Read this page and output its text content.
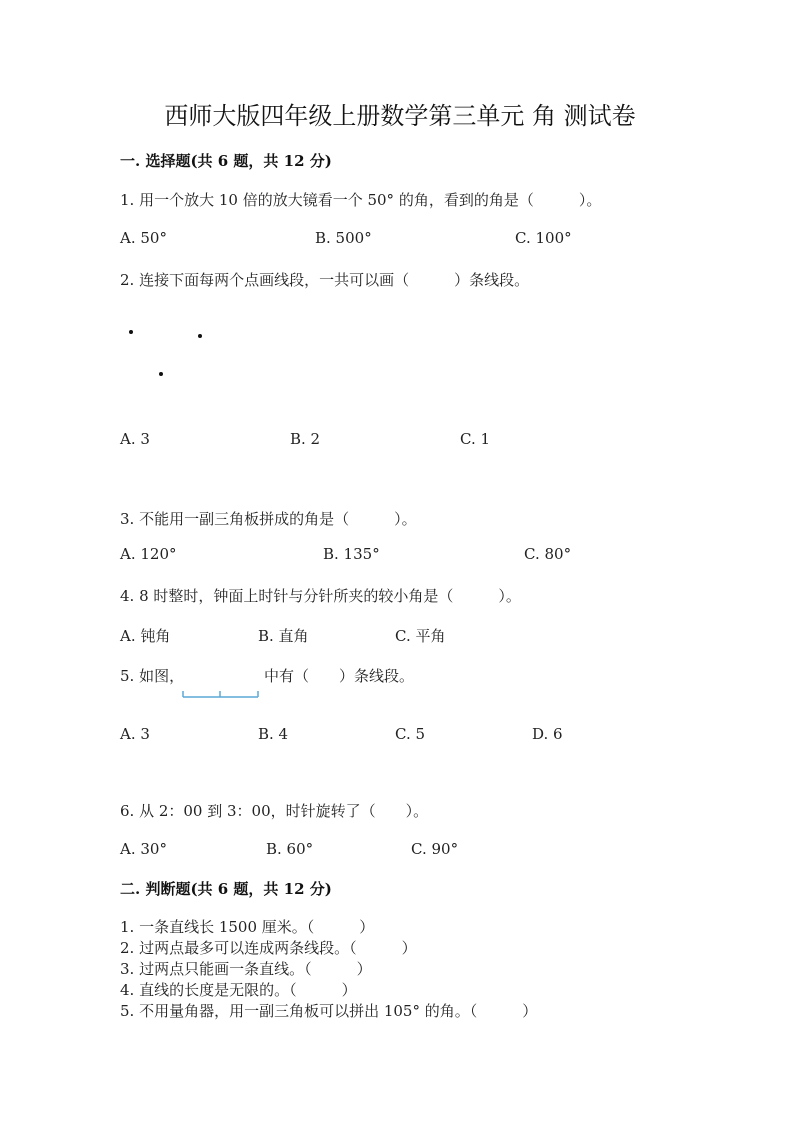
西师大版四年级上册数学第三单元 角 测试卷
一. 选择题(共 6 题，共 12 分)
1. 用一个放大 10 倍的放大镜看一个 50° 的角，看到的角是（　　　）。
A. 50°	B. 500°	C. 100°
2. 连接下面每两个点画线段，一共可以画（　　　）条线段。
A. 3	B. 2	C. 1
3. 不能用一副三角板拼成的角是（　　　）。
A. 120°	B. 135°	C. 80°
4. 8 时整时，钟面上时针与分针所夹的较小角是（　　　）。
A. 钝角	B. 直角	C. 平角
5. 如图，	中有（　　）条线段。
A. 3	B. 4	C. 5	D. 6
6. 从 2：00 到 3：00，时针旋转了（　　）。
A. 30°	B. 60°	C. 90°
二. 判断题(共 6 题，共 12 分)
1. 一条直线长 1500 厘米。（　　　）
2. 过两点最多可以连成两条线段。（　　　）
3. 过两点只能画一条直线。（　　　）
4. 直线的长度是无限的。（　　　）
5. 不用量角器，用一副三角板可以拼出 105° 的角。（　　　）
